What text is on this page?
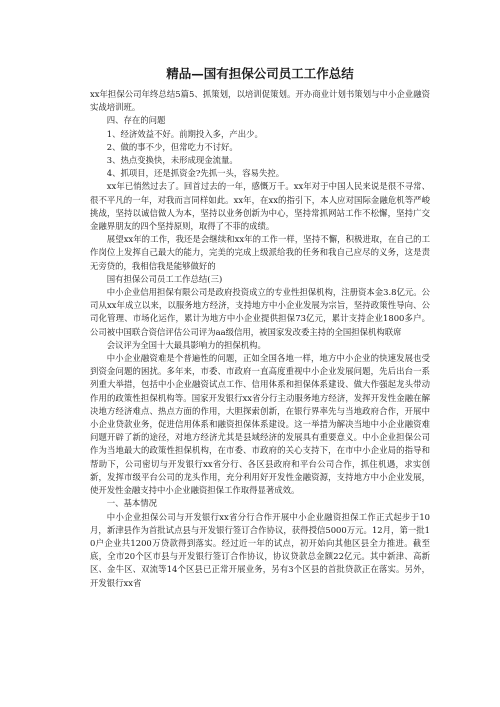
精品—国有担保公司员工工作总结

xx年担保公司年终总结5篇5、抓策划，以培训促策划。开办商业计划书策划与中小企业融资实战培训班。

四、存在的问题

1、经济效益不好。前期投入多，产出少。

2、做的事不少，但常吃力不讨好。

3、热点变换快，未形成现金流量。

4、抓项目，还是抓资金?先抓一头，容易失控。

xx年已悄然过去了。回首过去的一年，感慨万千。xx年对于中国人民来说是很不寻常、很不平凡的一年，对我而言同样如此。xx年，在xx的指引下，本人应对国际金融危机等严峻挑战，坚持以诚信做人为本，坚持以业务创新为中心，坚持常抓网站工作不松懈，坚持广交金融界朋友的四个坚持原则，取得了不菲的成绩。

展望xx年的工作，我还是会继续和xx年的工作一样，坚持不懈，积极进取，在自己的工作岗位上发挥自己最大的能力，完美的完成上级派给我的任务和我自己应尽的义务，这是责无旁贷的，我相信我是能够做好的

国有担保公司员工工作总结(三)

中小企业信用担保有限公司是政府投资成立的专业性担保机构，注册资本金3.8亿元。公司从xx年成立以来，以服务地方经济，支持地方中小企业发展为宗旨，坚持政策性导向、公司化管理、市场化运作，累计为地方中小企业提供担保73亿元，累计支持企业1800多户。公司被中国联合资信评估公司评为aa级信用，被国家发改委主持的全国担保机构联席

会议评为全国十大最具影响力的担保机构。

中小企业融资难是个普遍性的问题，正如全国各地一样，地方中小企业的快速发展也受到资金问题的困扰。多年来，市委、市政府一直高度重视中小企业发展问题，先后出台一系列重大举措，包括中小企业融资试点工作、信用体系和担保体系建设、做大作强起龙头带动作用的政策性担保机构等。国家开发银行xx省分行主动服务地方经济，发挥开发性金融在解决地方经济难点、热点方面的作用，大胆探索创新，在银行界率先与当地政府合作，开展中小企业贷款业务，促进信用体系和融资担保体系建设。这一举措为解决当地中小企业融资难问题开辟了新的途径，对地方经济尤其是县域经济的发展具有重要意义。中小企业担保公司作为当地最大的政策性担保机构，在市委、市政府的关心支持下，在市中小企业局的指导和帮助下，公司密切与开发银行xx省分行、各区县政府和平台公司合作，抓住机遇，求实创新，发挥市级平台公司的龙头作用，充分利用好开发性金融资源，支持地方中小企业发展，使开发性金融支持中小企业融资担保工作取得显著成效。

一、基本情况

中小企业担保公司与开发银行xx省分行合作开展中小企业融资担保工作正式起步于10月，新津县作为首批试点县与开发银行签订合作协议，获得授信5000万元。12月，第一批10户企业共1200万贷款得到落实。经过近一年的试点，初开始向其他区县全力推进。截至底，全市20个区市县与开发银行签订合作协议，协议贷款总金额22亿元。其中新津、高新区、金牛区、双流等14个区县已正常开展业务，另有3个区县的首批贷款正在落实。另外，开发银行xx省
